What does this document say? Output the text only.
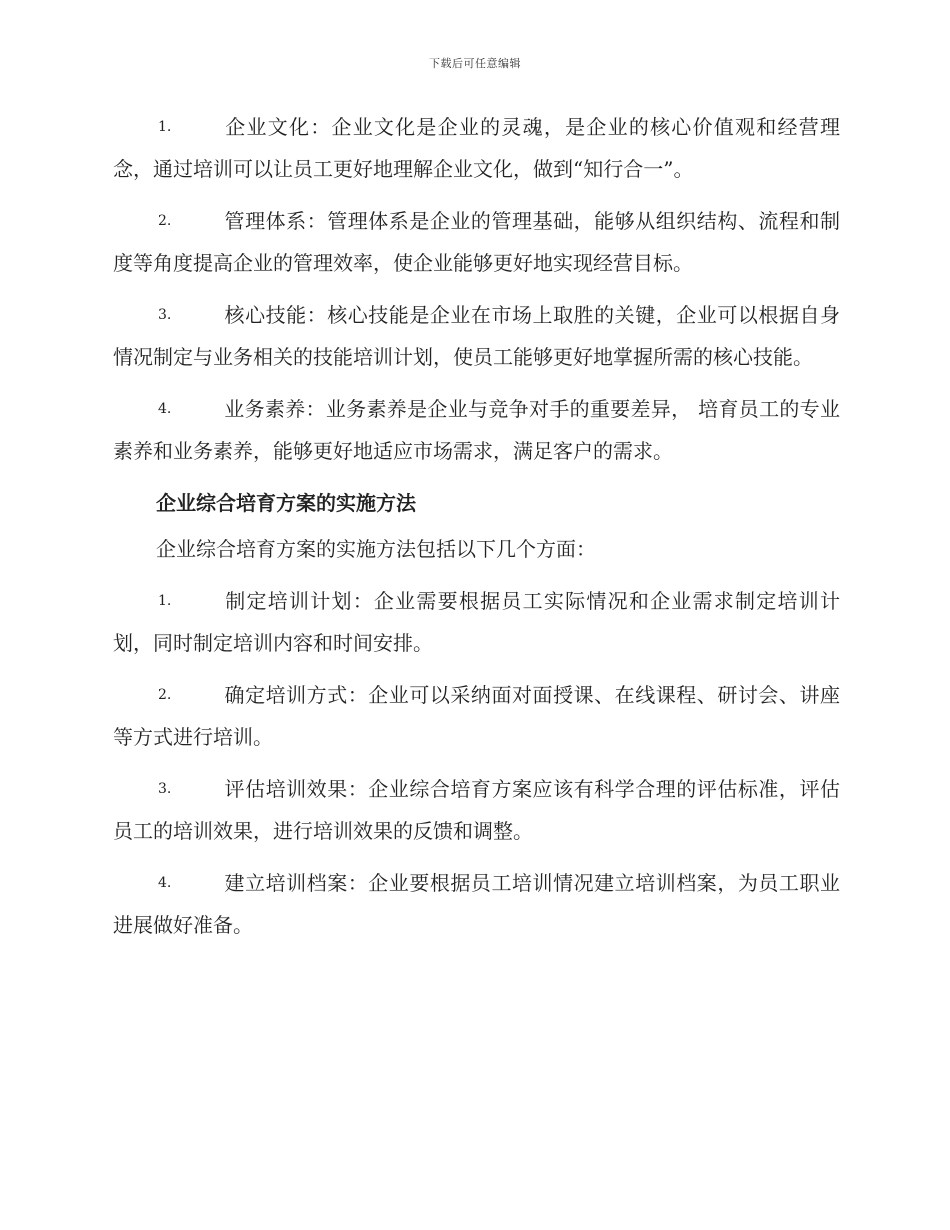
下载后可任意编辑

1.	企业文化：企业文化是企业的灵魂，是企业的核心价值观和经营理念，通过培训可以让员工更好地理解企业文化，做到“知行合一”。

2.	管理体系：管理体系是企业的管理基础，能够从组织结构、流程和制度等角度提高企业的管理效率，使企业能够更好地实现经营目标。

3.	核心技能：核心技能是企业在市场上取胜的关键，企业可以根据自身情况制定与业务相关的技能培训计划，使员工能够更好地掌握所需的核心技能。

4.	业务素养：业务素养是企业与竞争对手的重要差异， 培育员工的专业素养和业务素养，能够更好地适应市场需求，满足客户的需求。

企业综合培育方案的实施方法

企业综合培育方案的实施方法包括以下几个方面：

1.	制定培训计划：企业需要根据员工实际情况和企业需求制定培训计划，同时制定培训内容和时间安排。

2.	确定培训方式：企业可以采纳面对面授课、在线课程、研讨会、讲座等方式进行培训。

3.	评估培训效果：企业综合培育方案应该有科学合理的评估标准，评估员工的培训效果，进行培训效果的反馈和调整。

4.	建立培训档案：企业要根据员工培训情况建立培训档案，为员工职业进展做好准备。
